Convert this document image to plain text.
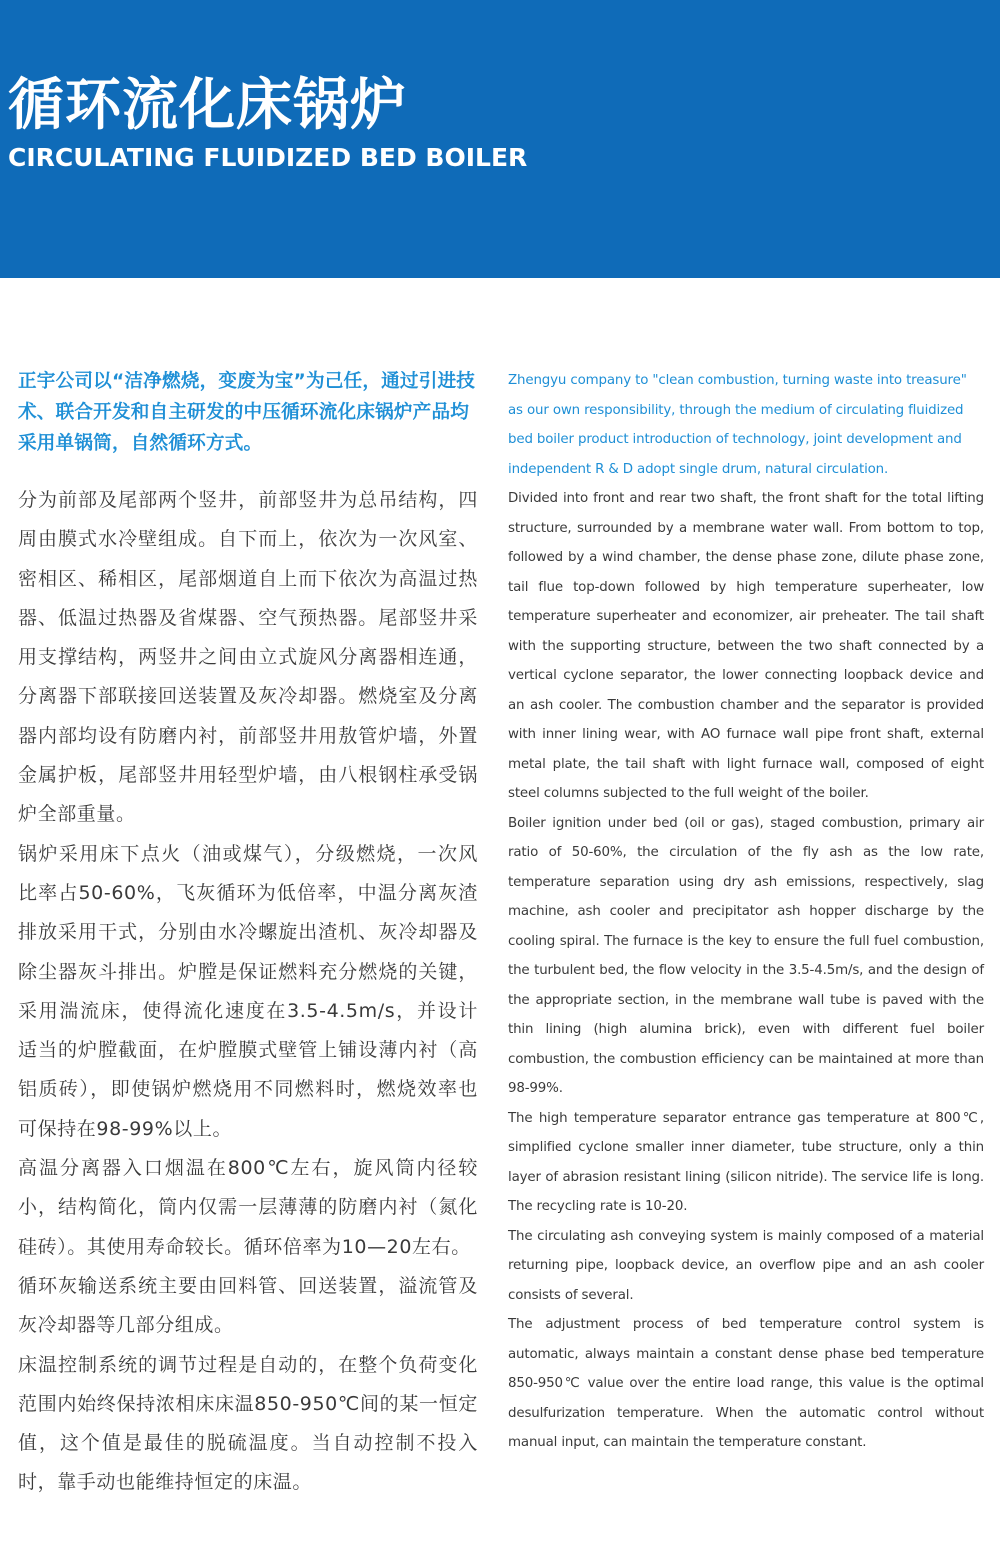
循环流化床锅炉
CIRCULATING FLUIDIZED BED BOILER

正宇公司以“洁净燃烧，变废为宝”为己任，通过引进技术、联合开发和自主研发的中压循环流化床锅炉产品均采用单锅筒，自然循环方式。

分为前部及尾部两个竖井，前部竖井为总吊结构，四周由膜式水冷壁组成。自下而上，依次为一次风室、密相区、稀相区，尾部烟道自上而下依次为高温过热器、低温过热器及省煤器、空气预热器。尾部竖井采用支撑结构，两竖井之间由立式旋风分离器相连通，分离器下部联接回送装置及灰冷却器。燃烧室及分离器内部均设有防磨内衬，前部竖井用敖管炉墙，外置金属护板，尾部竖井用轻型炉墙，由八根钢柱承受锅炉全部重量。

锅炉采用床下点火（油或煤气），分级燃烧，一次风比率占50-60%，飞灰循环为低倍率，中温分离灰渣排放采用干式，分别由水冷螺旋出渣机、灰冷却器及除尘器灰斗排出。炉膛是保证燃料充分燃烧的关键，采用湍流床，使得流化速度在3.5-4.5m/s，并设计适当的炉膛截面，在炉膛膜式壁管上铺设薄内衬（高铝质砖），即使锅炉燃烧用不同燃料时，燃烧效率也可保持在98-99%以上。

高温分离器入口烟温在800℃左右，旋风筒内径较小，结构简化，筒内仅需一层薄薄的防磨内衬（氮化硅砖）。其使用寿命较长。循环倍率为10—20左右。

循环灰输送系统主要由回料管、回送装置，溢流管及灰冷却器等几部分组成。

床温控制系统的调节过程是自动的，在整个负荷变化范围内始终保持浓相床床温850-950℃间的某一恒定值，这个值是最佳的脱硫温度。当自动控制不投入时，靠手动也能维持恒定的床温。

Zhengyu company to "clean combustion, turning waste into treasure" as our own responsibility, through the medium of circulating fluidized bed boiler product introduction of technology, joint development and independent R & D adopt single drum, natural circulation.

Divided into front and rear two shaft, the front shaft for the total lifting structure, surrounded by a membrane water wall. From bottom to top, followed by a wind chamber, the dense phase zone, dilute phase zone, tail flue top-down followed by high temperature superheater, low temperature superheater and economizer, air preheater. The tail shaft with the supporting structure, between the two shaft connected by a vertical cyclone separator, the lower connecting loopback device and an ash cooler. The combustion chamber and the separator is provided with inner lining wear, with AO furnace wall pipe front shaft, external metal plate, the tail shaft with light furnace wall, composed of eight steel columns subjected to the full weight of the boiler.

Boiler ignition under bed (oil or gas), staged combustion, primary air ratio of 50-60%, the circulation of the fly ash as the low rate, temperature separation using dry ash emissions, respectively, slag machine, ash cooler and precipitator ash hopper discharge by the cooling spiral. The furnace is the key to ensure the full fuel combustion, the turbulent bed, the flow velocity in the 3.5-4.5m/s, and the design of the appropriate section, in the membrane wall tube is paved with the thin lining (high alumina brick), even with different fuel boiler combustion, the combustion efficiency can be maintained at more than 98-99%.

The high temperature separator entrance gas temperature at 800℃, simplified cyclone smaller inner diameter, tube structure, only a thin layer of abrasion resistant lining (silicon nitride). The service life is long. The recycling rate is 10-20.

The circulating ash conveying system is mainly composed of a material returning pipe, loopback device, an overflow pipe and an ash cooler consists of several.

The adjustment process of bed temperature control system is automatic, always maintain a constant dense phase bed temperature 850-950℃ value over the entire load range, this value is the optimal desulfurization temperature. When the automatic control without manual input, can maintain the temperature constant.
